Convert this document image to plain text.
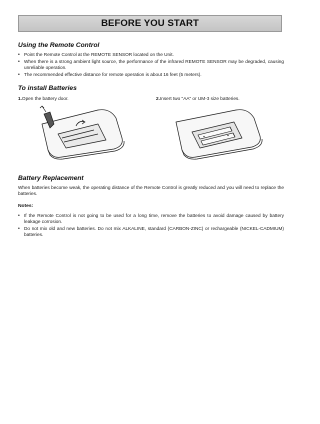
BEFORE YOU START
Using the Remote Control
• Point the Remote Control at the REMOTE SENSOR located on the Unit.
• When there is a strong ambient light source, the performance of the infrared REMOTE SENSOR may be degraded, causing unreliable operation.
• The recommended effective distance for remote operation is about 16 feet (5 meters).
To install Batteries
1.Open the battery door.	2.Insert two "AA" or UM-3 size batteries.
Battery Replacement

When batteries become weak, the operating distance of the Remote Control is greatly reduced and you will need to replace the batteries.

Notes:
• If the Remote Control is not going to be used for a long time, remove the batteries to avoid damage caused by battery leakage corrosion.
• Do not mix old and new batteries. Do not mix ALKALINE, standard (CARBON-ZINC) or rechargeable (NICKEL-CADMIUM) batteries.
